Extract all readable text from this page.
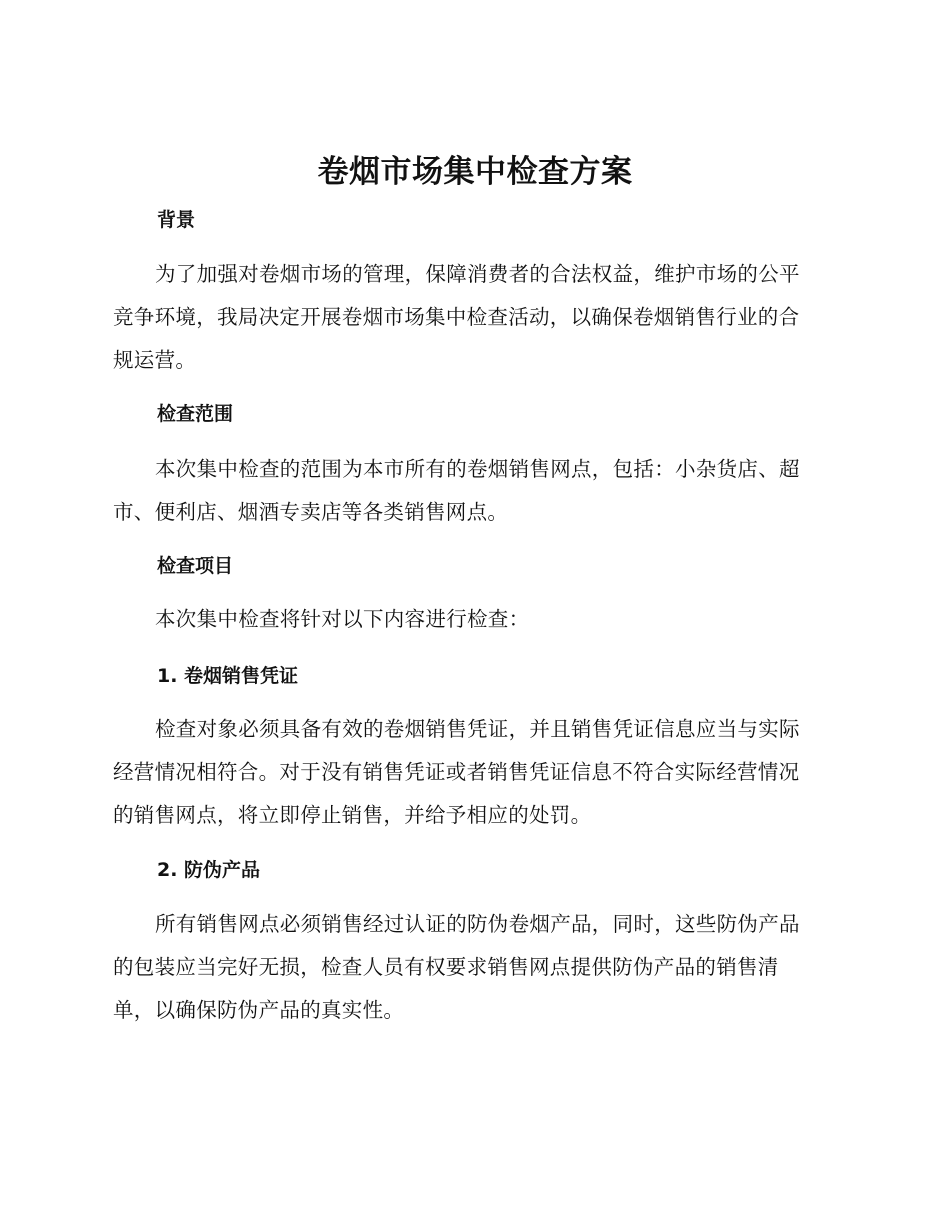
卷烟市场集中检查方案
背景
为了加强对卷烟市场的管理，保障消费者的合法权益，维护市场的公平
竞争环境，我局决定开展卷烟市场集中检查活动，以确保卷烟销售行业的合
规运营。
检查范围
本次集中检查的范围为本市所有的卷烟销售网点，包括：小杂货店、超
市、便利店、烟酒专卖店等各类销售网点。
检查项目
本次集中检查将针对以下内容进行检查：
1. 卷烟销售凭证
检查对象必须具备有效的卷烟销售凭证，并且销售凭证信息应当与实际
经营情况相符合。对于没有销售凭证或者销售凭证信息不符合实际经营情况
的销售网点，将立即停止销售，并给予相应的处罚。
2. 防伪产品
所有销售网点必须销售经过认证的防伪卷烟产品，同时，这些防伪产品
的包装应当完好无损，检查人员有权要求销售网点提供防伪产品的销售清
单，以确保防伪产品的真实性。
